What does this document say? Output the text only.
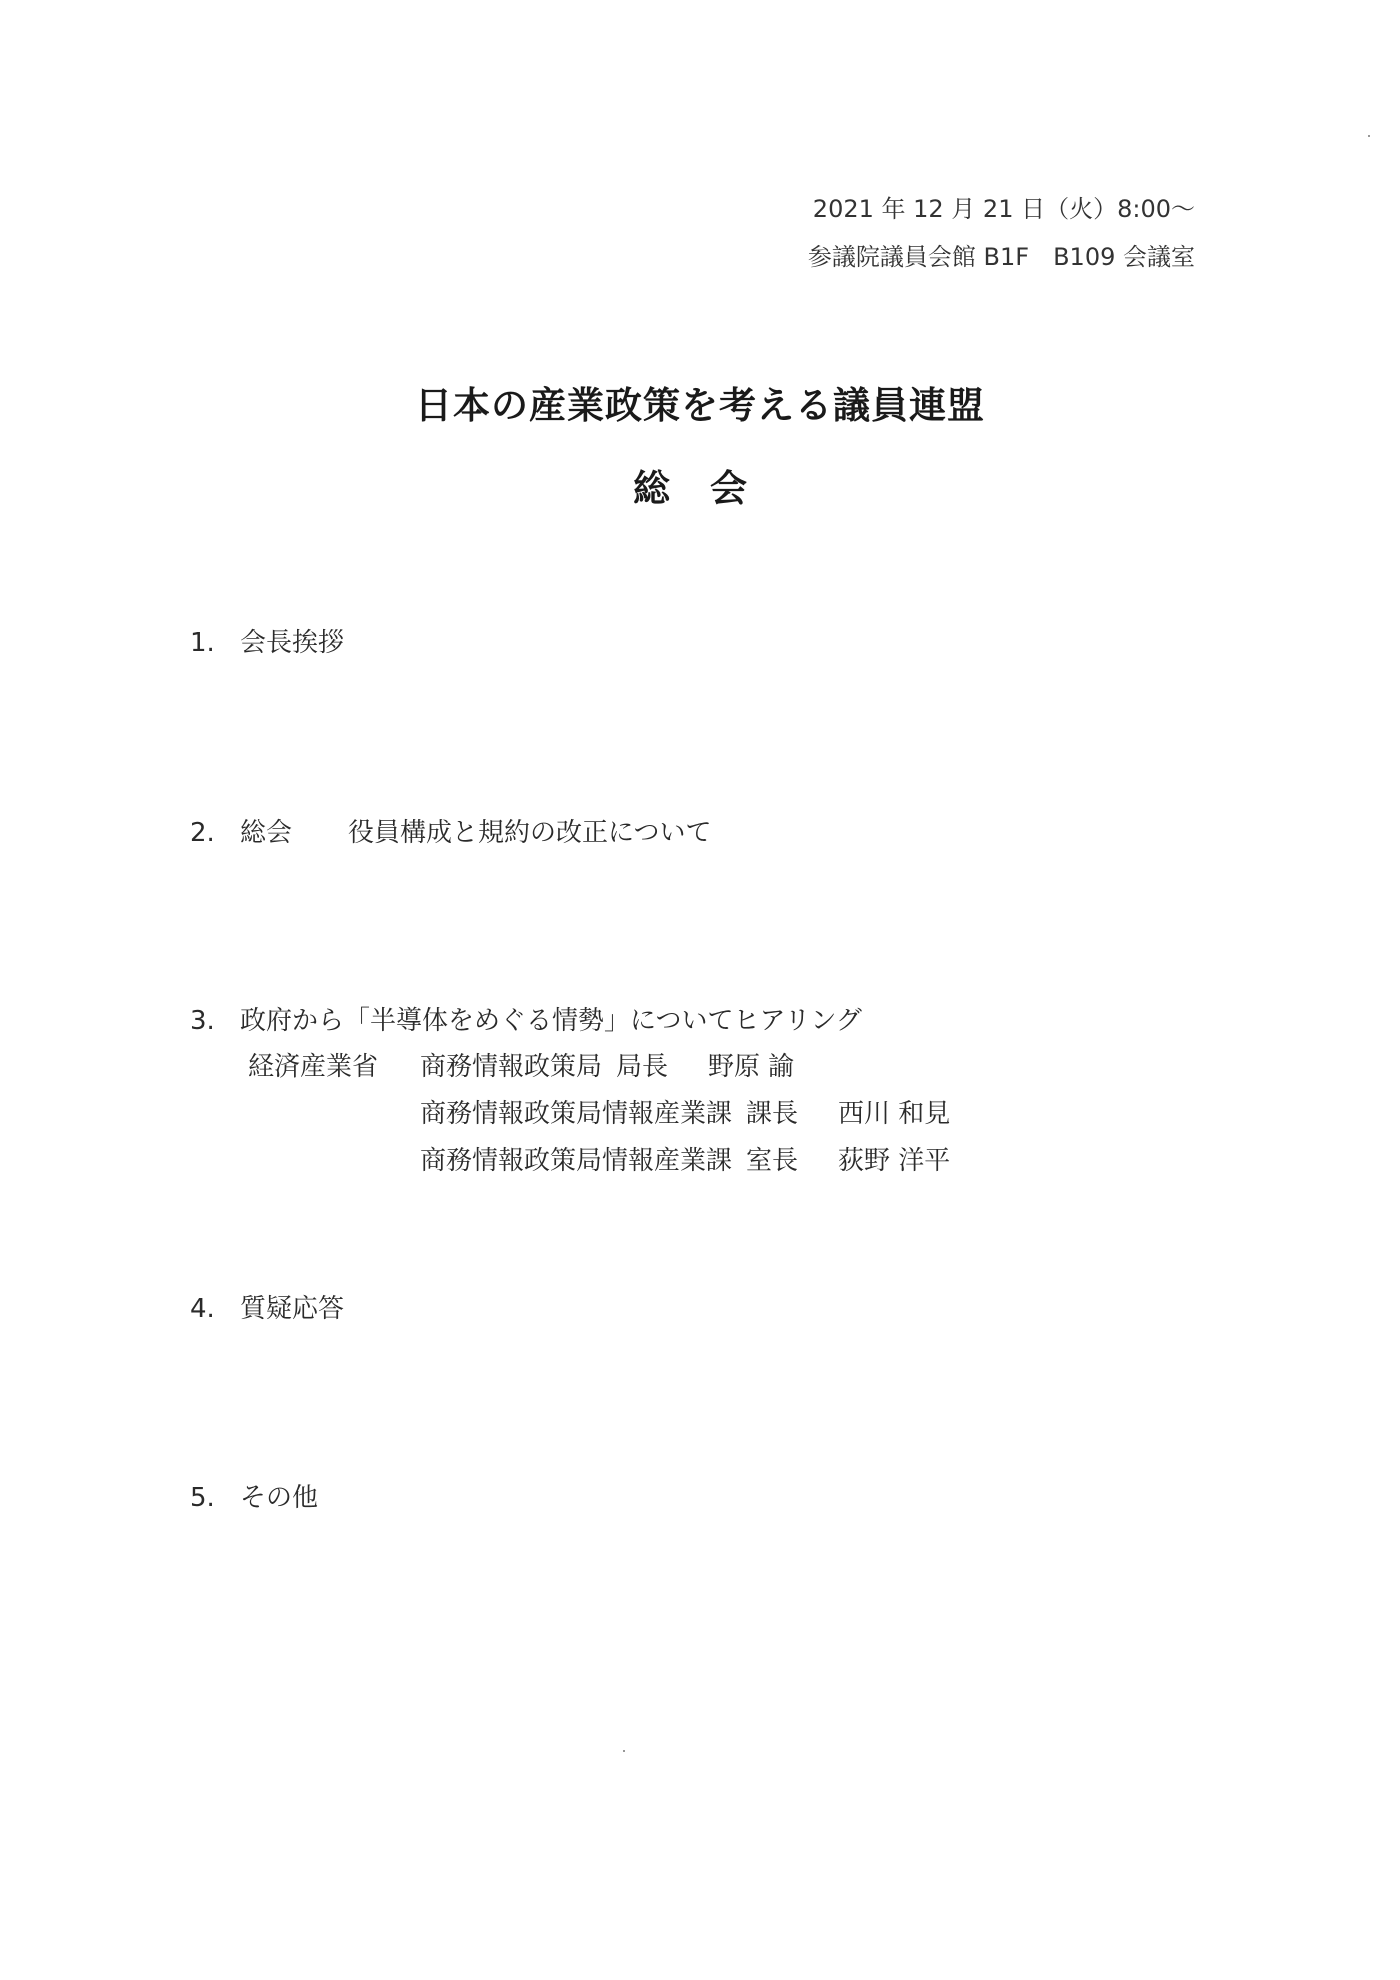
2021 年 12 月 21 日（火）8:00～
参議院議員会館 B1F　B109 会議室
日本の産業政策を考える議員連盟
総会
1. 会長挨拶
2. 総会 役員構成と規約の改正について
3. 政府から「半導体をめぐる情勢」についてヒアリング
経済産業省 商務情報政策局 局長 野原 諭
商務情報政策局情報産業課 課長 西川 和見
商務情報政策局情報産業課 室長 荻野 洋平
4. 質疑応答
5. その他
